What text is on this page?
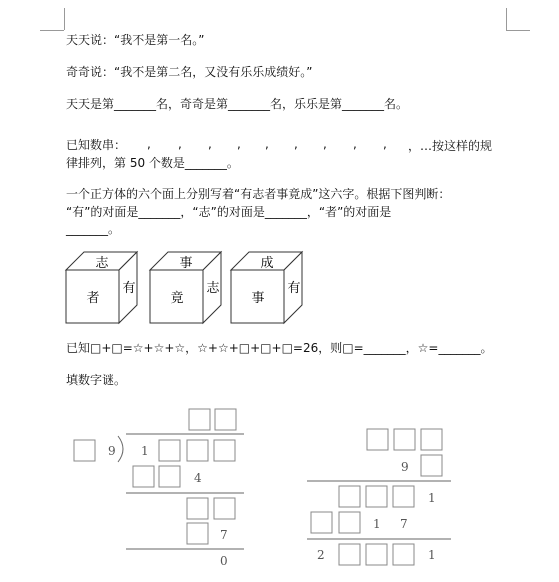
天天说：“我不是第一名。”
奇奇说：“我不是第二名，又没有乐乐成绩好。”
天天是第_______名，奇奇是第_______名，乐乐是第_______名。
已知数串： , , , , , , , , , ，…按这样的规
律排列，第 50 个数是_______。
一个正方体的六个面上分别写着“有志者事竟成”这六字。根据下图判断：
“有”的对面是_______，“志”的对面是_______，“者”的对面是
_______。
志
者
有
事
竟
志
成
事
有
9 1
4
7
0
9
1
1 7
2	1
已知□+□=☆+☆+☆，☆+☆+□+□+□=26，则□=_______，☆=_______。
填数字谜。
